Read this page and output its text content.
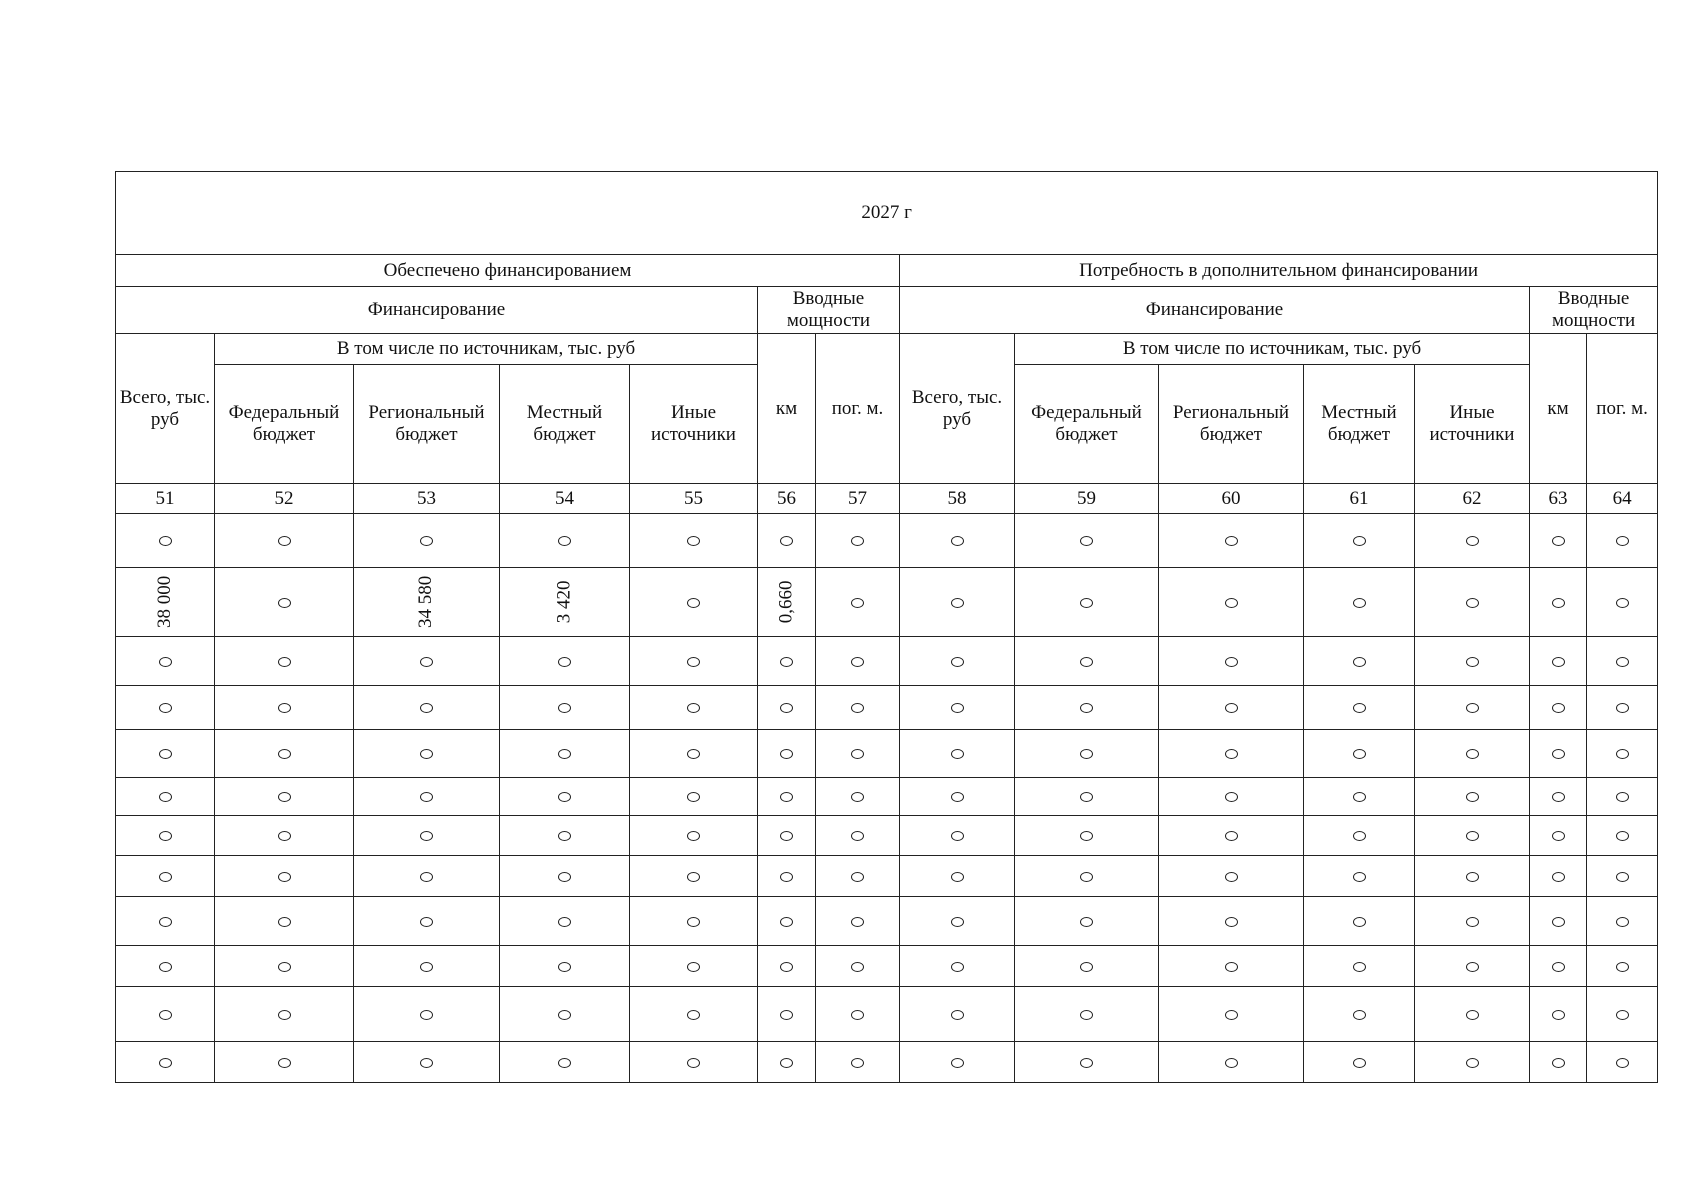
2027 г													
Обеспечено финансированием							Потребность в дополнительном финансировании						
Финансирование					Вводные мощности		Финансирование					Вводные мощности	
Всего, тыс. руб	В том числе по источникам, тыс. руб				км	пог. м.	Всего, тыс. руб	В том числе по источникам, тыс. руб				км	пог. м.
	Федеральный бюджет	Региональный бюджет	Местный бюджет	Иные источники				Федеральный бюджет	Региональный бюджет	Местный бюджет	Иные источники		
51	52	53	54	55	56	57	58	59	60	61	62	63	64

38 000		34 580	3 420		0,660								
